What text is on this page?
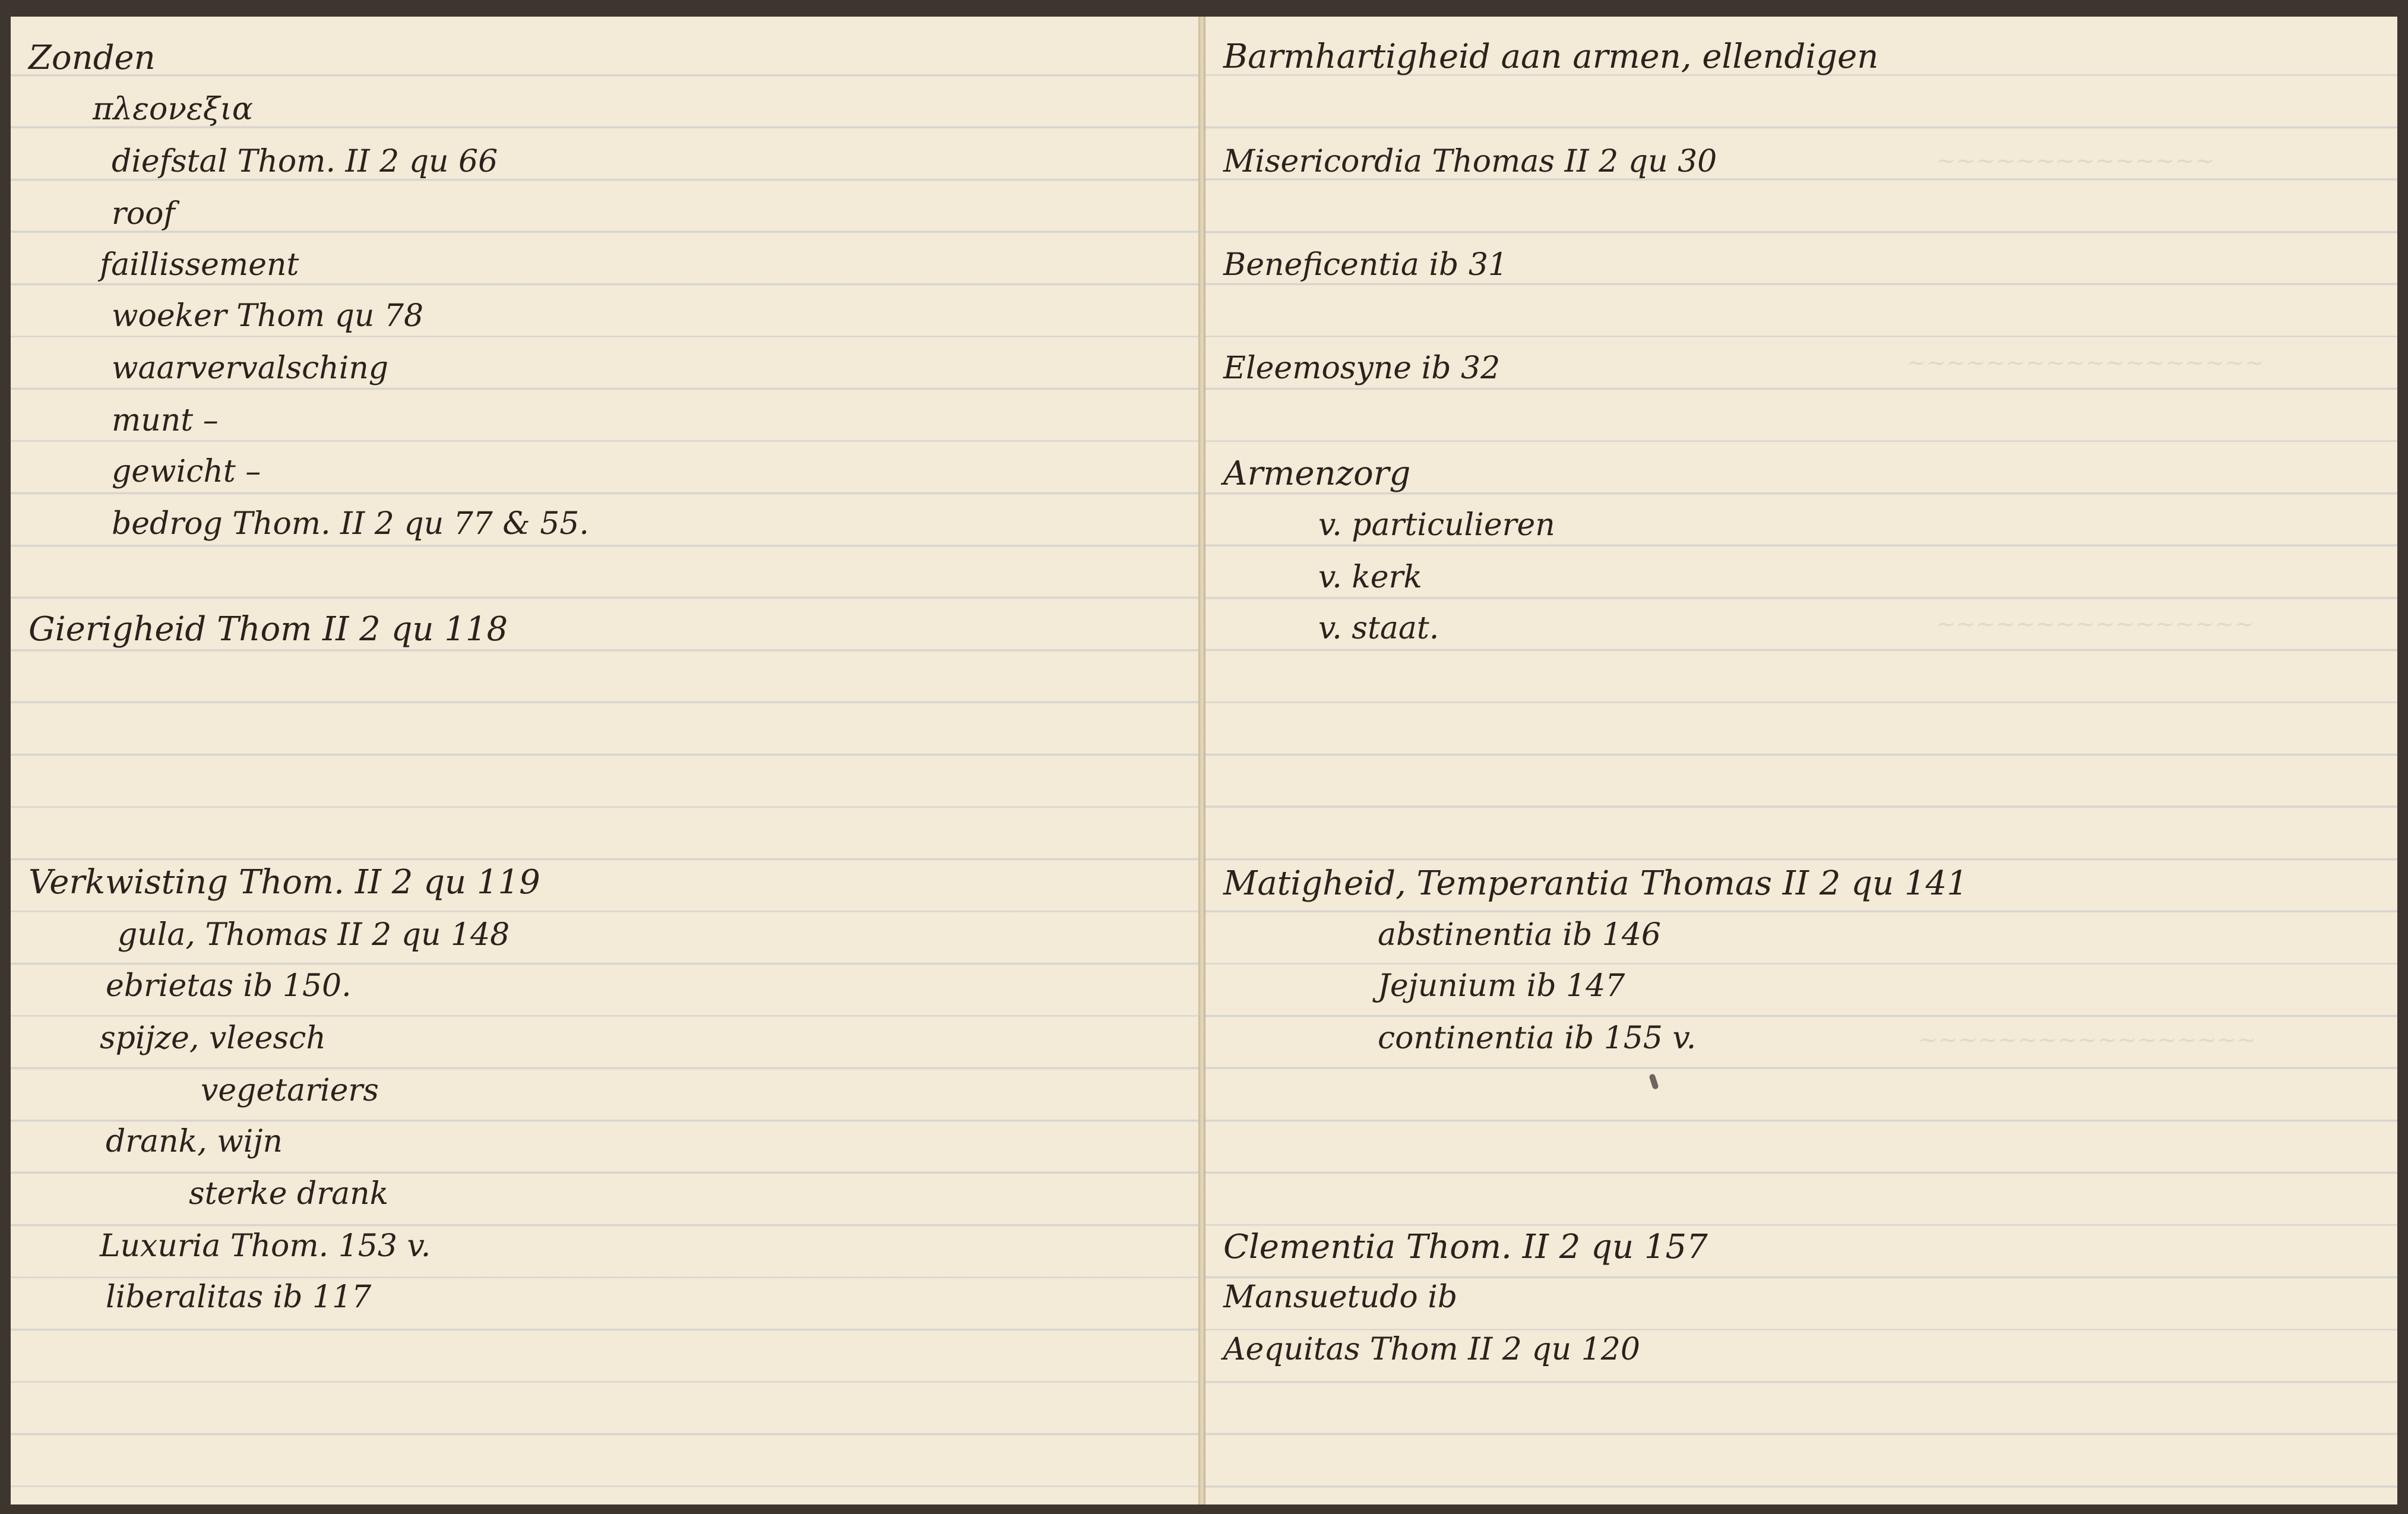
Zonden
πλεονεξια
diefstal Thom. II 2 qu 66
roof
faillissement
woeker Thom qu 78
waarvervalsching
munt –
gewicht –
bedrog Thom. II 2 qu 77 & 55.
Gierigheid Thom II 2 qu 118
Verkwisting Thom. II 2 qu 119
gula, Thomas II 2 qu 148
ebrietas ib 150.
spijze, vleesch
vegetariers
drank, wijn
sterke drank
Luxuria Thom. 153 v.
liberalitas ib 117
~~~~~~~~~~~~~~
~~~~~~~~~~~~~~~~~~
~~~~~~~~~~~~~~~~
~~~~~~~~~~~~~~~~~
Barmhartigheid aan armen, ellendigen
Misericordia Thomas II 2 qu 30
Beneficentia ib 31
Eleemosyne ib 32
Armenzorg
v. particulieren
v. kerk
v. staat.
Matigheid, Temperantia Thomas II 2 qu 141
abstinentia ib 146
Jejunium ib 147
continentia ib 155 v.
Clementia Thom. II 2 qu 157
Mansuetudo ib
Aequitas Thom II 2 qu 120
